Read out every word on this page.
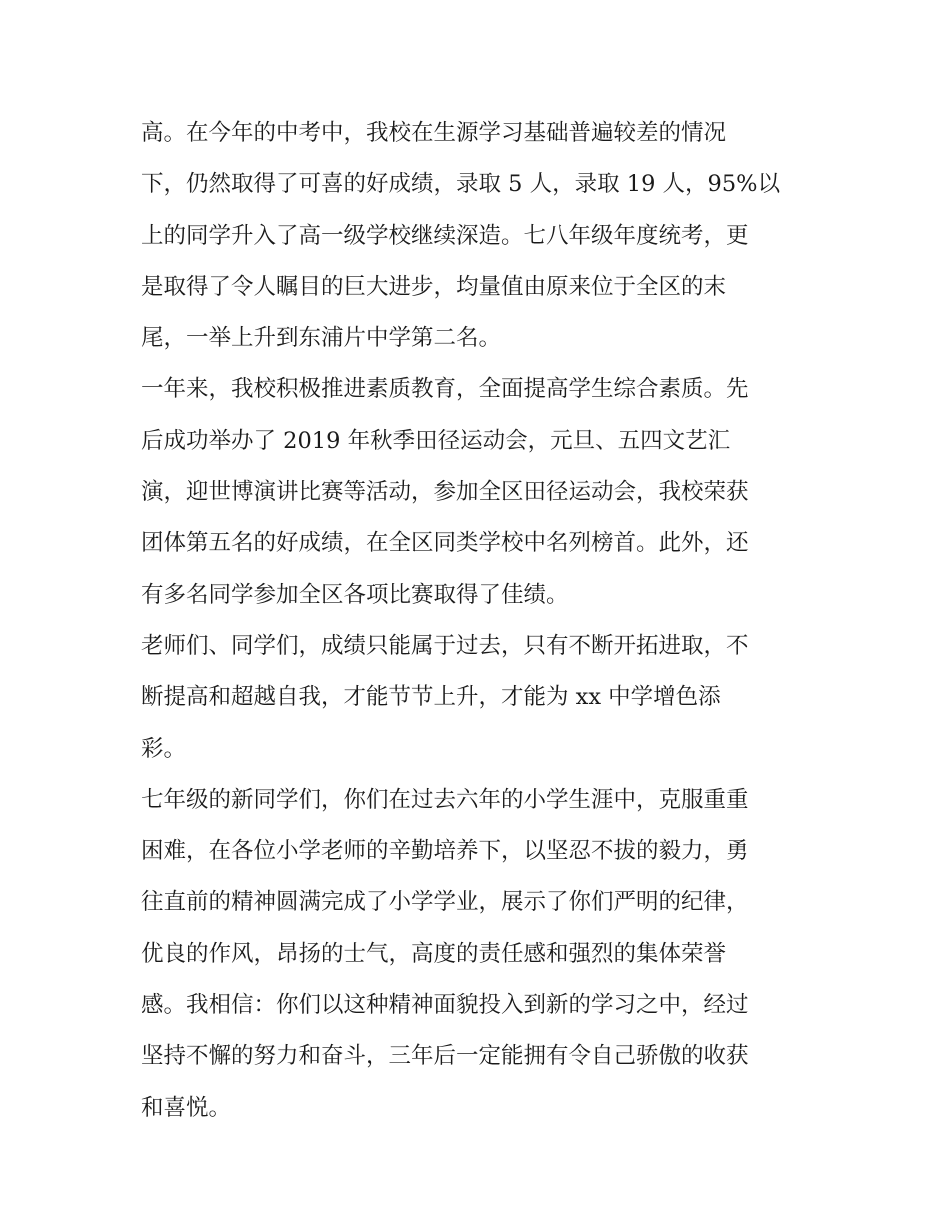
高。在今年的中考中，我校在生源学习基础普遍较差的情况
下，仍然取得了可喜的好成绩，录取 5 人，录取 19 人，95%以
上的同学升入了高一级学校继续深造。七八年级年度统考，更
是取得了令人瞩目的巨大进步，均量值由原来位于全区的末
尾，一举上升到东浦片中学第二名。
一年来，我校积极推进素质教育，全面提高学生综合素质。先
后成功举办了 2019 年秋季田径运动会，元旦、五四文艺汇
演，迎世博演讲比赛等活动，参加全区田径运动会，我校荣获
团体第五名的好成绩，在全区同类学校中名列榜首。此外，还
有多名同学参加全区各项比赛取得了佳绩。
老师们、同学们，成绩只能属于过去，只有不断开拓进取，不
断提高和超越自我，才能节节上升，才能为 xx 中学增色添
彩。
七年级的新同学们，你们在过去六年的小学生涯中，克服重重
困难，在各位小学老师的辛勤培养下，以坚忍不拔的毅力，勇
往直前的精神圆满完成了小学学业，展示了你们严明的纪律，
优良的作风，昂扬的士气，高度的责任感和强烈的集体荣誉
感。我相信：你们以这种精神面貌投入到新的学习之中，经过
坚持不懈的努力和奋斗，三年后一定能拥有令自己骄傲的收获
和喜悦。
